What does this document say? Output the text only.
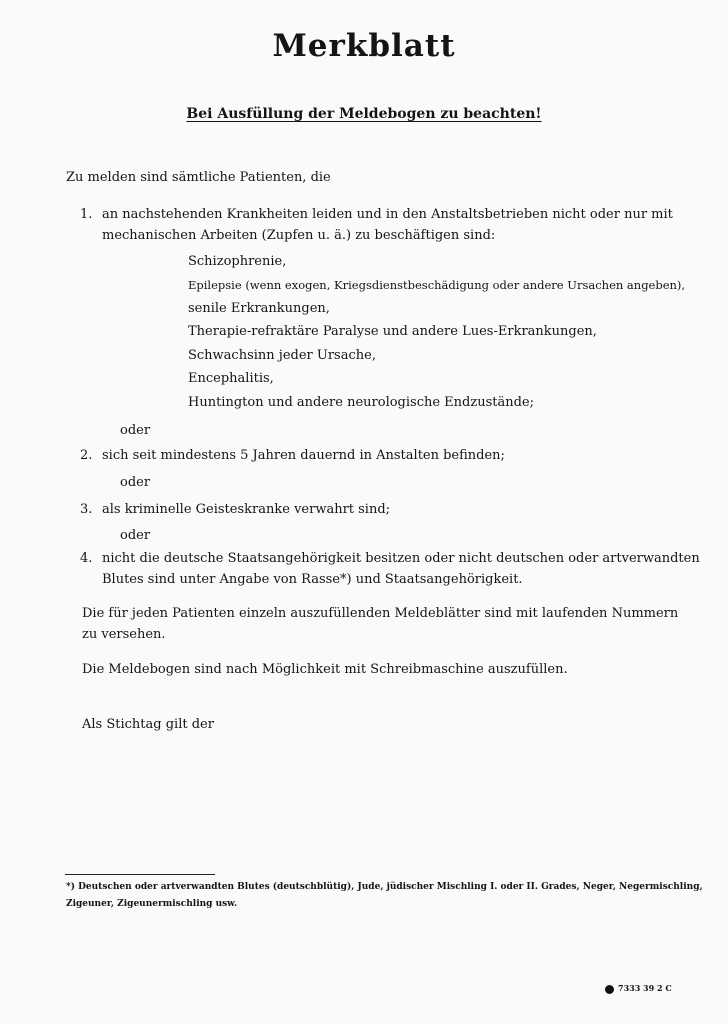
Merkblatt
Bei Ausfüllung der Meldebogen zu beachten!
Zu melden sind sämtliche Patienten, die
1. an nachstehenden Krankheiten leiden und in den Anstaltsbetrieben nicht oder nur mit
mechanischen Arbeiten (Zupfen u. ä.) zu beschäftigen sind:
Schizophrenie,
Epilepsie (wenn exogen, Kriegsdienstbeschädigung oder andere Ursachen angeben),
senile Erkrankungen,
Therapie-refraktäre Paralyse und andere Lues-Erkrankungen,
Schwachsinn jeder Ursache,
Encephalitis,
Huntington und andere neurologische Endzustände;
oder
2. sich seit mindestens 5 Jahren dauernd in Anstalten befinden;
oder
3. als kriminelle Geisteskranke verwahrt sind;
oder
4. nicht die deutsche Staatsangehörigkeit besitzen oder nicht deutschen oder artverwandten
Blutes sind unter Angabe von Rasse*) und Staatsangehörigkeit.
Die für jeden Patienten einzeln auszufüllenden Meldeblätter sind mit laufenden Nummern
zu versehen.
Die Meldebogen sind nach Möglichkeit mit Schreibmaschine auszufüllen.
Als Stichtag gilt der
*) Deutschen oder artverwandten Blutes (deutschblütig), Jude, jüdischer Mischling I. oder II. Grades, Neger, Negermischling,
Zigeuner, Zigeunermischling usw.
7333 39 2 C
